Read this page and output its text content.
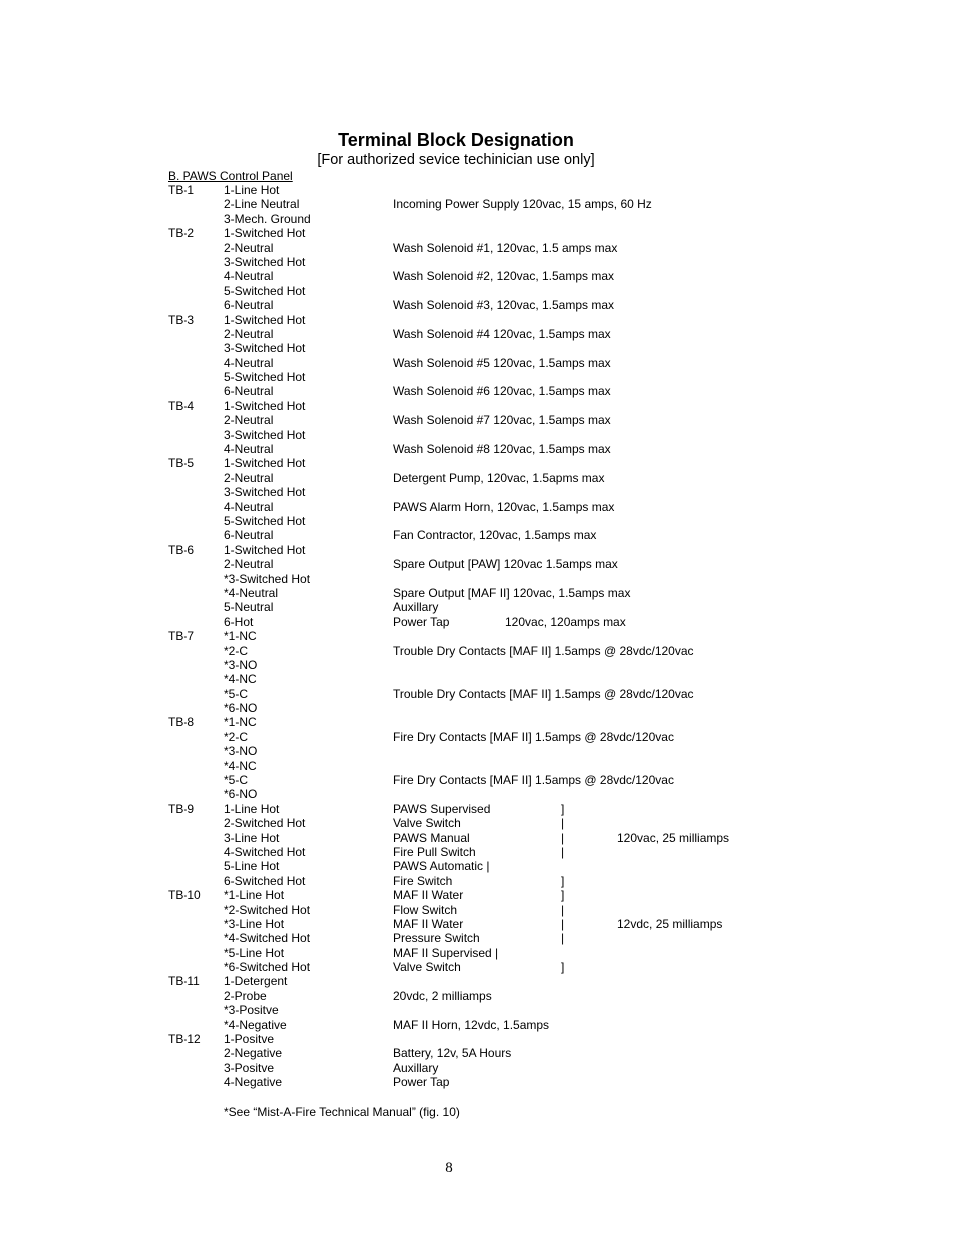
Terminal Block Designation
[For authorized sevice techinician use only]
B. PAWS Control Panel
TB-1 1-Line Hot
2-Line Neutral	Incoming Power Supply 120vac, 15 amps, 60 Hz
3-Mech. Ground
TB-2 1-Switched Hot
2-Neutral	Wash Solenoid #1, 120vac, 1.5 amps max
3-Switched Hot
4-Neutral	Wash Solenoid #2, 120vac, 1.5amps max
5-Switched Hot
6-Neutral	Wash Solenoid #3, 120vac, 1.5amps max
TB-3 1-Switched Hot
2-Neutral	Wash Solenoid #4 120vac, 1.5amps max
3-Switched Hot
4-Neutral	Wash Solenoid #5 120vac, 1.5amps max
5-Switched Hot
6-Neutral	Wash Solenoid #6 120vac, 1.5amps max
TB-4 1-Switched Hot
2-Neutral	Wash Solenoid #7 120vac, 1.5amps max
3-Switched Hot
4-Neutral	Wash Solenoid #8 120vac, 1.5amps max
TB-5 1-Switched Hot
2-Neutral	Detergent Pump, 120vac, 1.5apms max
3-Switched Hot
4-Neutral	PAWS Alarm Horn, 120vac, 1.5amps max
5-Switched Hot
6-Neutral	Fan Contractor, 120vac, 1.5amps max
TB-6 1-Switched Hot
2-Neutral	Spare Output [PAW] 120vac 1.5amps max
*3-Switched Hot
*4-Neutral	Spare Output [MAF II] 120vac, 1.5amps max
5-Neutral	Auxillary
6-Hot	Power Tap	120vac, 120amps max
TB-7 *1-NC
*2-C	Trouble Dry Contacts [MAF II] 1.5amps @ 28vdc/120vac
*3-NO
*4-NC
*5-C	Trouble Dry Contacts [MAF II] 1.5amps @ 28vdc/120vac
*6-NO
TB-8 *1-NC
*2-C	Fire Dry Contacts [MAF II] 1.5amps @ 28vdc/120vac
*3-NO
*4-NC
*5-C	Fire Dry Contacts [MAF II] 1.5amps @ 28vdc/120vac
*6-NO
TB-9 1-Line Hot	PAWS Supervised	]
2-Switched Hot	Valve Switch	|
3-Line Hot	PAWS Manual	|	120vac, 25 milliamps
4-Switched Hot	Fire Pull Switch	|
5-Line Hot	PAWS Automatic |
6-Switched Hot	Fire Switch	]
TB-10 *1-Line Hot	MAF II Water	]
*2-Switched Hot	Flow Switch	|
*3-Line Hot	MAF II Water	|	12vdc, 25 milliamps
*4-Switched Hot	Pressure Switch	|
*5-Line Hot	MAF II Supervised |
*6-Switched Hot	Valve Switch	]
TB-11 1-Detergent
2-Probe	20vdc, 2 milliamps
*3-Positve
*4-Negative	MAF II Horn, 12vdc, 1.5amps
TB-12 1-Positve
2-Negative	Battery, 12v, 5A Hours
3-Positve	Auxillary
4-Negative	Power Tap
*See “Mist-A-Fire Technical Manual” (fig. 10)
8
